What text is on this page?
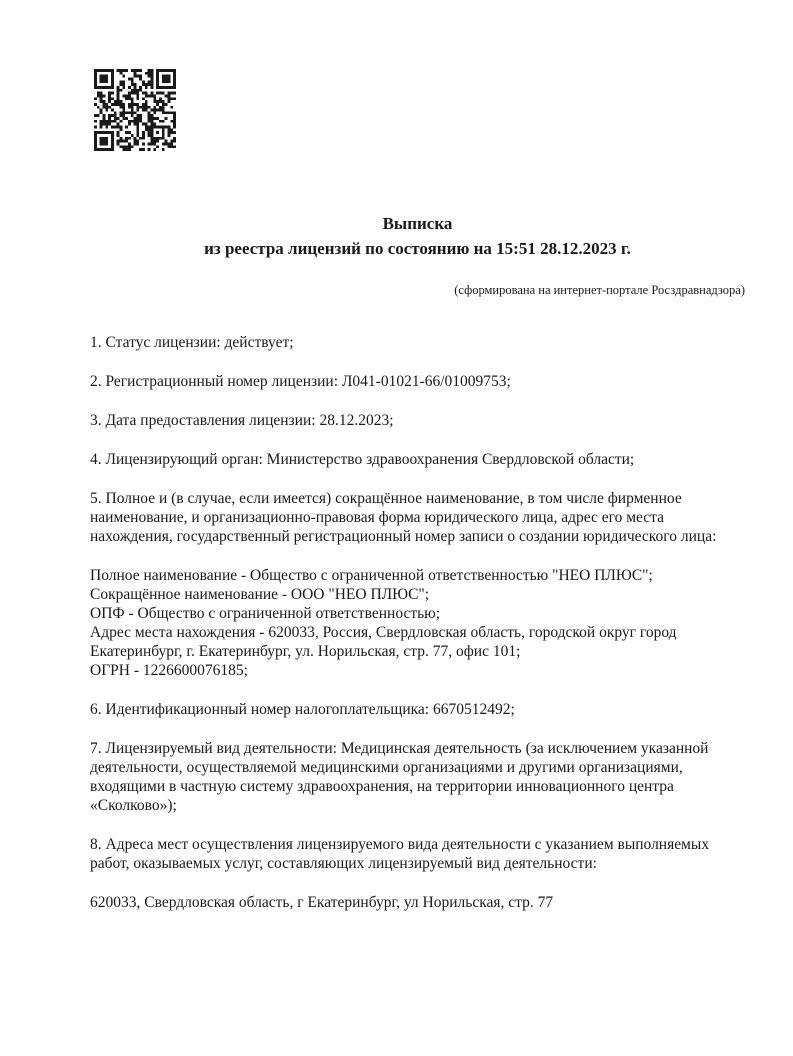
Выписка
из реестра лицензий по состоянию на 15:51 28.12.2023 г.

(сформирована на интернет-портале Росздравнадзора)

1. Статус лицензии: действует;

2. Регистрационный номер лицензии: Л041-01021-66/01009753;

3. Дата предоставления лицензии: 28.12.2023;

4. Лицензирующий орган: Министерство здравоохранения Свердловской области;

5. Полное и (в случае, если имеется) сокращённое наименование, в том числе фирменное наименование, и организационно-правовая форма юридического лица, адрес его места нахождения, государственный регистрационный номер записи о создании юридического лица:

Полное наименование - Общество с ограниченной ответственностью "НЕО ПЛЮС";

Сокращённое наименование - ООО "НЕО ПЛЮС";

ОПФ - Общество с ограниченной ответственностью;

Адрес места нахождения - 620033, Россия, Свердловская область, городской округ город Екатеринбург, г. Екатеринбург, ул. Норильская, стр. 77, офис 101;

ОГРН - 1226600076185;

6. Идентификационный номер налогоплательщика: 6670512492;

7. Лицензируемый вид деятельности: Медицинская деятельность (за исключением указанной деятельности, осуществляемой медицинскими организациями и другими организациями, входящими в частную систему здравоохранения, на территории инновационного центра «Сколково»);

8. Адреса мест осуществления лицензируемого вида деятельности с указанием выполняемых работ, оказываемых услуг, составляющих лицензируемый вид деятельности:

620033, Свердловская область, г Екатеринбург, ул Норильская, стр. 77
